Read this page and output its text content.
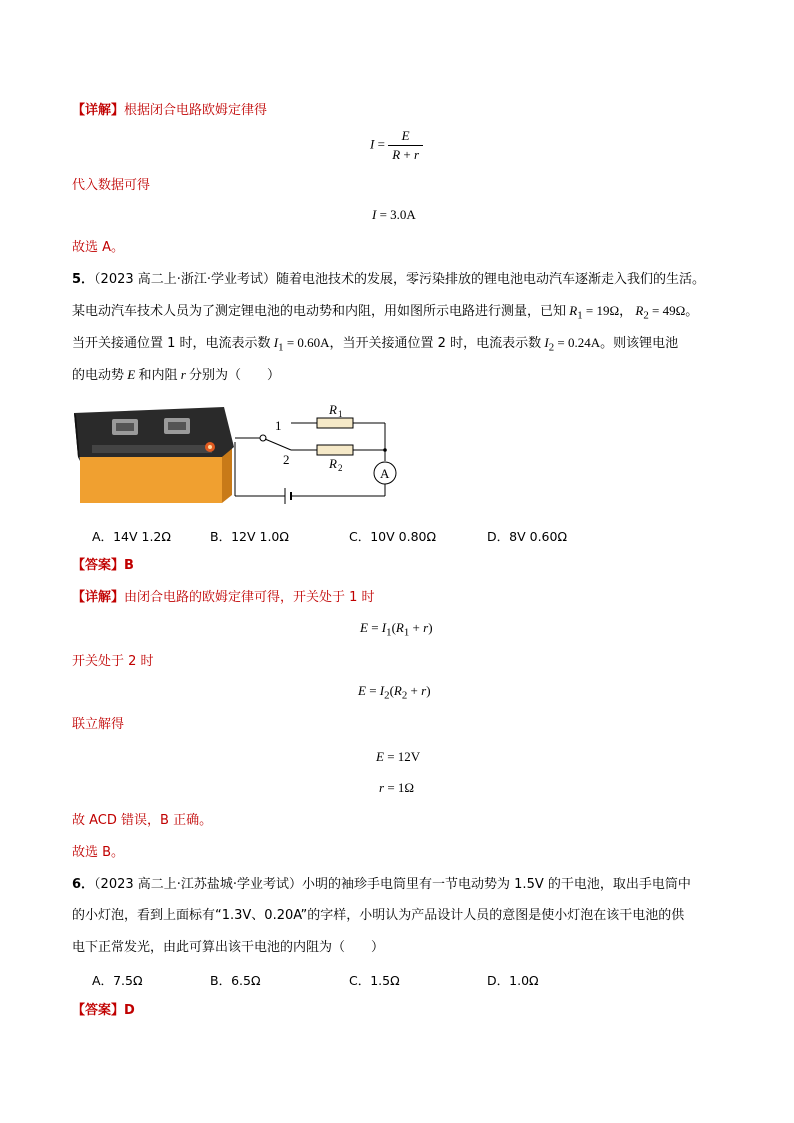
【详解】根据闭合电路欧姆定律得
$I = \frac{E}{R + r}$
代入数据可得
I = 3.0A
故选 A。
5．（2023 高二上·浙江·学业考试）随着电池技术的发展，零污染排放的锂电池电动汽车逐渐走入我们的生活。
某电动汽车技术人员为了测定锂电池的电动势和内阻，用如图所示电路进行测量，已知 $R_1 = 19\Omega$， $R_2 = 49\Omega$。
当开关接通位置 1 时，电流表示数 $I_1 = 0.60A$，当开关接通位置 2 时，电流表示数 $I_2 = 0.24A$。则该锂电池
的电动势 E 和内阻 r 分别为（　　）
1
2
R 1
R 2	A
A．14V 1.2Ω	B．12V 1.0Ω	C．10V 0.80Ω	D．8V 0.60Ω
【答案】B
【详解】由闭合电路的欧姆定律可得，开关处于 1 时
$E = I_1(R_1 + r)$
开关处于 2 时
$E = I_2(R_2 + r)$
联立解得
E = 12V
r = 1Ω
故 ACD 错误，B 正确。
故选 B。
6．（2023 高二上·江苏盐城·学业考试）小明的袖珍手电筒里有一节电动势为 1.5V 的干电池，取出手电筒中
的小灯泡，看到上面标有“1.3V、0.20A”的字样，小明认为产品设计人员的意图是使小灯泡在该干电池的供
电下正常发光，由此可算出该干电池的内阻为（　　）
A．7.5Ω	B．6.5Ω	C．1.5Ω	D．1.0Ω
【答案】D
